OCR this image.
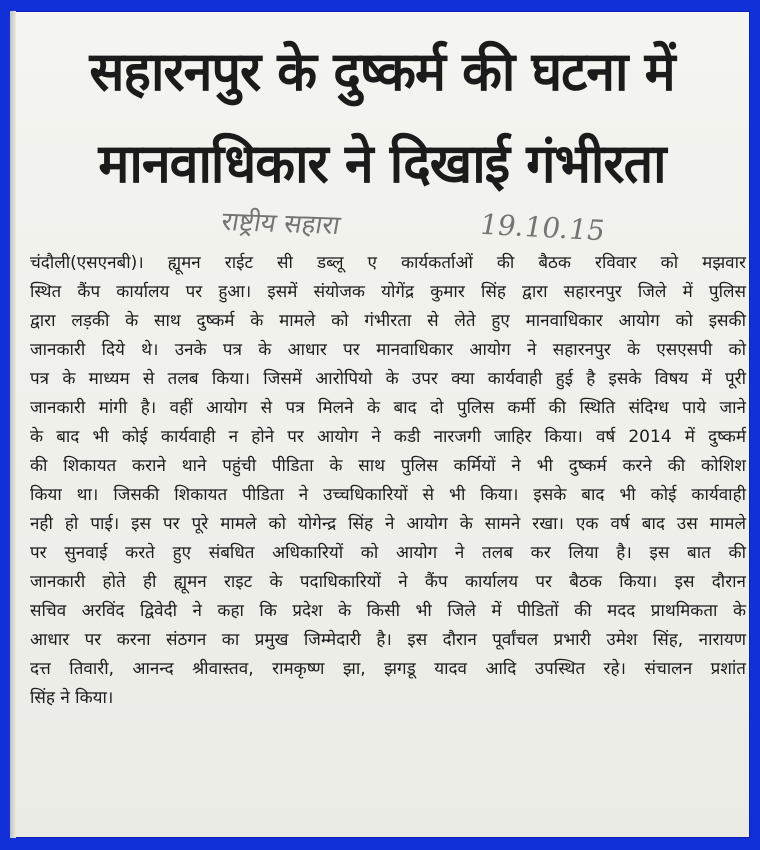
सहारनपुर के दुष्कर्म की घटना में
मानवाधिकार ने दिखाई गंभीरता
राष्ट्रीय सहारा	19.10.15
चंदौली(एसएनबी)। ह्यूमन राईट सी डब्लू ए कार्यकर्ताओं की बैठक रविवार को मझवार
स्थित कैंप कार्यालय पर हुआ। इसमें संयोजक योगेंद्र कुमार सिंह द्वारा सहारनपुर जिले में पुलिस
द्वारा लड़की के साथ दुष्कर्म के मामले को गंभीरता से लेते हुए मानवाधिकार आयोग को इसकी
जानकारी दिये थे। उनके पत्र के आधार पर मानवाधिकार आयोग ने सहारनपुर के एसएसपी को
पत्र के माध्यम से तलब किया। जिसमें आरोपियो के उपर क्या कार्यवाही हुई है इसके विषय में पूरी
जानकारी मांगी है। वहीं आयोग से पत्र मिलने के बाद दो पुलिस कर्मी की स्थिति संदिग्ध पाये जाने
के बाद भी कोई कार्यवाही न होने पर आयोग ने कडी नारजगी जाहिर किया। वर्ष 2014 में दुष्कर्म
की शिकायत कराने थाने पहुंची पीडिता के साथ पुलिस कर्मियों ने भी दुष्कर्म करने की कोशिश
किया था। जिसकी शिकायत पीडिता ने उच्चधिकारियों से भी किया। इसके बाद भी कोई कार्यवाही
नही हो पाई। इस पर पूरे मामले को योगेन्द्र सिंह ने आयोग के सामने रखा। एक वर्ष बाद उस मामले
पर सुनवाई करते हुए संबधित अधिकारियों को आयोग ने तलब कर लिया है। इस बात की
जानकारी होते ही ह्यूमन राइट के पदाधिकारियों ने कैंप कार्यालय पर बैठक किया। इस दौरान
सचिव अरविंद द्विवेदी ने कहा कि प्रदेश के किसी भी जिले में पीडितों की मदद प्राथमिकता के
आधार पर करना संठगन का प्रमुख जिम्मेदारी है। इस दौरान पूर्वांचल प्रभारी उमेश सिंह, नारायण
दत्त तिवारी, आनन्द श्रीवास्तव, रामकृष्ण झा, झगडू यादव आदि उपस्थित रहे। संचालन प्रशांत
सिंह ने किया।
